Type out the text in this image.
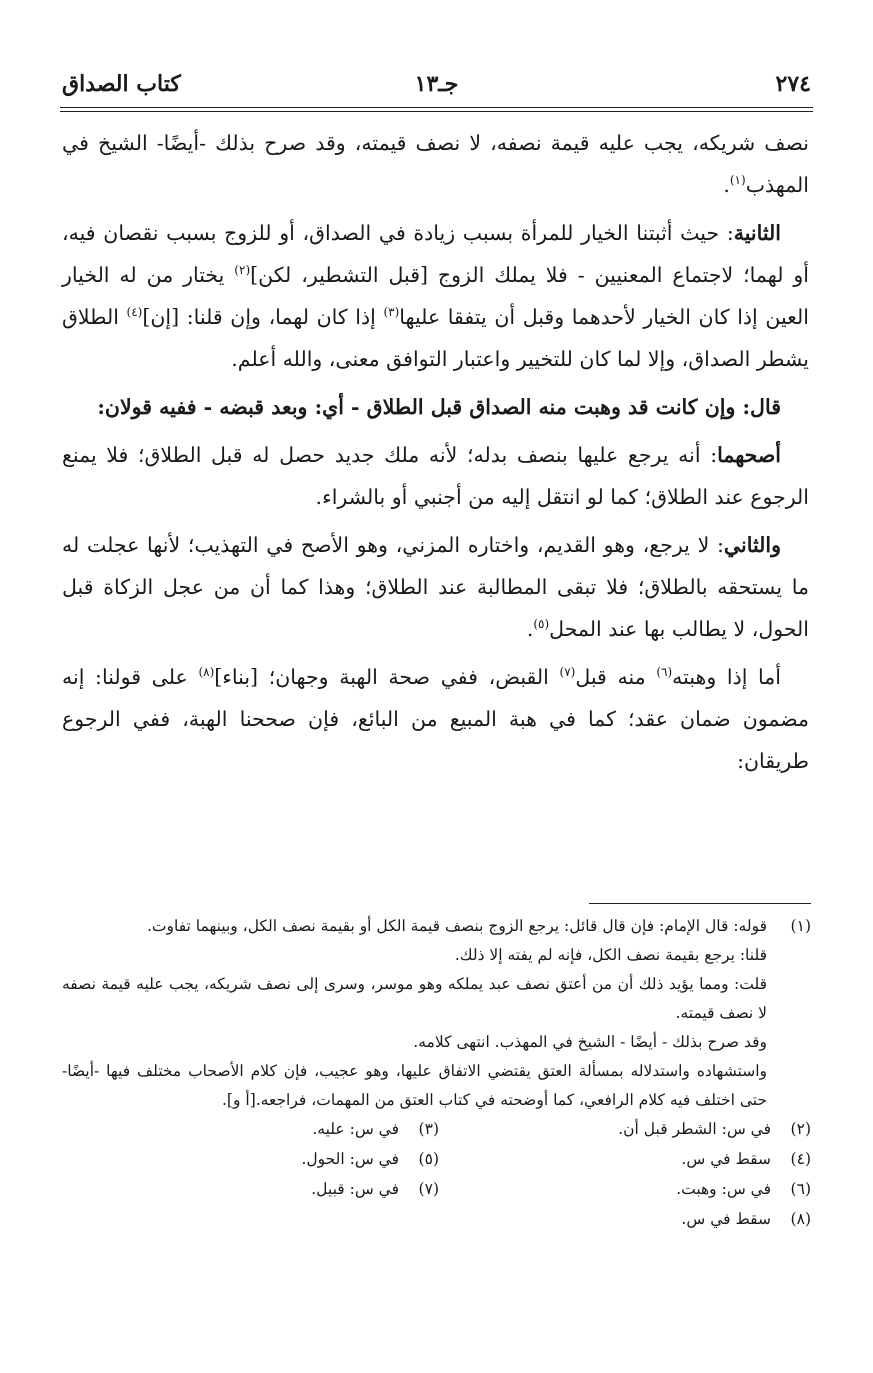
٢٧٤
جـ١٣
كتاب الصداق

نصف شريكه، يجب عليه قيمة نصفه، لا نصف قيمته، وقد صرح بذلك -أيضًا- الشيخ في المهذب$^{(١)}$.

الثانية: حيث أثبتنا الخيار للمرأة بسبب زيادة في الصداق، أو للزوج بسبب نقصان فيه، أو لهما؛ لاجتماع المعنيين - فلا يملك الزوج [قبل التشطير، لكن]$^{(٢)}$ يختار من له الخيار العين إذا كان الخيار لأحدهما وقبل أن يتفقا عليها$^{(٣)}$ إذا كان لهما، وإن قلنا: [إن]$^{(٤)}$ الطلاق يشطر الصداق، وإلا لما كان للتخيير واعتبار التوافق معنى، والله أعلم.

قال: وإن كانت قد وهبت منه الصداق قبل الطلاق - أي: وبعد قبضه - ففيه قولان:

أصحهما: أنه يرجع عليها بنصف بدله؛ لأنه ملك جديد حصل له قبل الطلاق؛ فلا يمنع الرجوع عند الطلاق؛ كما لو انتقل إليه من أجنبي أو بالشراء.

والثاني: لا يرجع، وهو القديم، واختاره المزني، وهو الأصح في التهذيب؛ لأنها عجلت له ما يستحقه بالطلاق؛ فلا تبقى المطالبة عند الطلاق؛ وهذا كما أن من عجل الزكاة قبل الحول، لا يطالب بها عند المحل$^{(٥)}$.

أما إذا وهبته$^{(٦)}$ منه قبل$^{(٧)}$ القبض، ففي صحة الهبة وجهان؛ [بناء]$^{(٨)}$ على قولنا: إنه مضمون ضمان عقد؛ كما في هبة المبيع من البائع، فإن صححنا الهبة، ففي الرجوع طريقان:

(١)
قوله: قال الإمام: فإن قال قائل: يرجع الزوج بنصف قيمة الكل أو بقيمة نصف الكل، وبينهما تفاوت.
قلنا: يرجع بقيمة نصف الكل، فإنه لم يفته إلا ذلك.
قلت: ومما يؤيد ذلك أن من أعتق نصف عبد يملكه وهو موسر، وسرى إلى نصف شريكه، يجب عليه قيمة نصفه لا نصف قيمته.
وقد صرح بذلك - أيضًا - الشيخ في المهذب. انتهى كلامه.
واستشهاده واستدلاله بمسألة العتق يقتضي الاتفاق عليها، وهو عجيب، فإن كلام الأصحاب مختلف فيها -أيضًا- حتى اختلف فيه كلام الرافعي، كما أوضحته في كتاب العتق من المهمات، فراجعه.[أ و].
(٢)في س: الشطر قبل أن.
(٣)في س: عليه.
(٤)سقط في س.
(٥)في س: الحول.
(٦)في س: وهبت.
(٧)في س: قبيل.
(٨)سقط في س.
